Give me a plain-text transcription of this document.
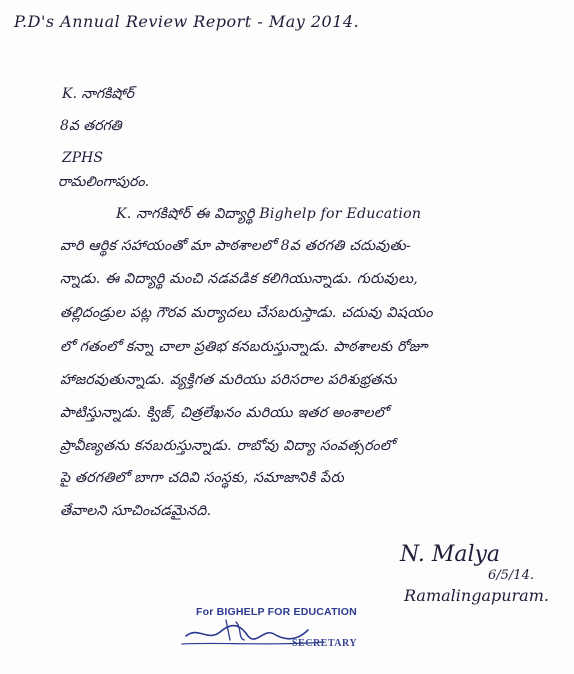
P.D's Annual Review Report - May 2014.
K. నాగకిషోర్
8వ తరగతి
ZPHS
రామలింగాపురం.
K. నాగకిషోర్ ఈ విద్యార్థి Bighelp for Education
వారి ఆర్థిక సహాయంతో మా పాఠశాలలో 8వ తరగతి చదువుతు-
న్నాడు. ఈ విద్యార్థి మంచి నడవడిక కలిగియున్నాడు. గురువులు,
తల్లిదండ్రుల పట్ల గౌరవ మర్యాదలు చేసబరుస్తాడు. చదువు విషయం
లో గతంలో కన్నా చాలా ప్రతిభ కనబరుస్తున్నాడు. పాఠశాలకు రోజూ
హాజరవుతున్నాడు. వ్యక్తిగత మరియు పరిసరాల పరిశుభ్రతను
పాటిస్తున్నాడు. క్విజ్, చిత్రలేఖనం మరియు ఇతర అంశాలలో
ప్రావీణ్యతను కనబరుస్తున్నాడు. రాబోవు విద్యా సంవత్సరంలో
పై తరగతిలో బాగా చదివి సంస్థకు, సమాజానికి పేరు
తేవాలని సూచించడమైనది.
N. Malya
6/5/14.
Ramalingapuram.
For BIGHELP FOR EDUCATION
SECRETARY
